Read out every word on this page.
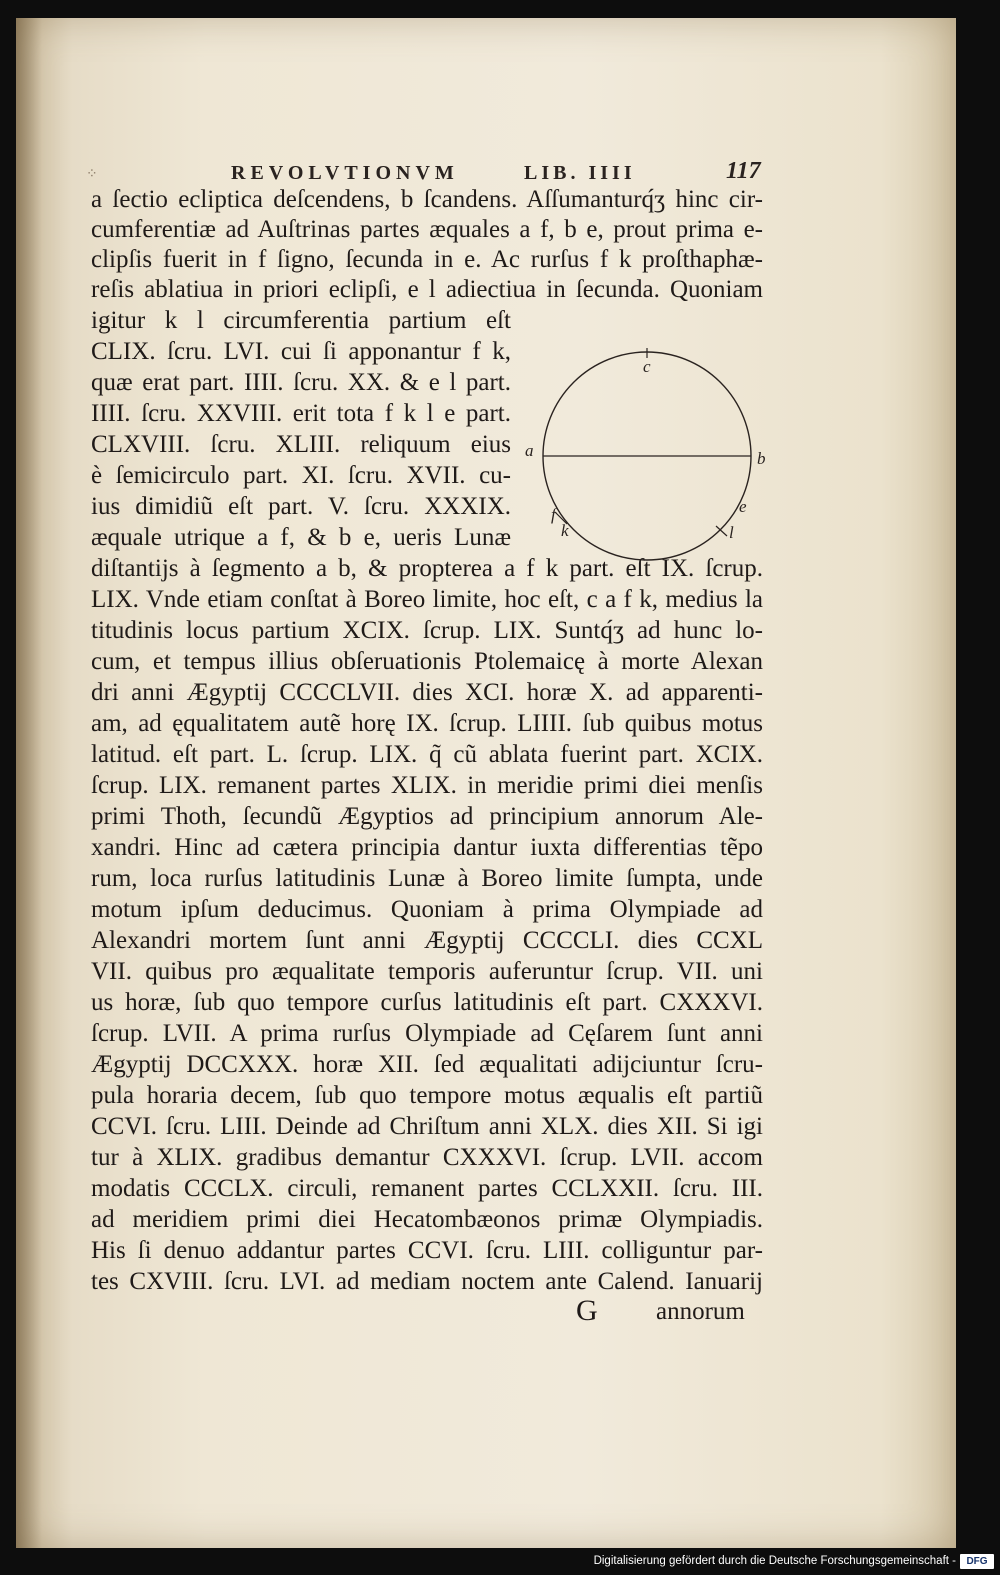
⁘	REVOLVTIONVM	LIB. IIII	117
a ſectio ecliptica deſcendens, b ſcandens. Aſſumanturq́ʒ hinc cir-
cumferentiæ ad Auſtrinas partes æquales a f, b e, prout prima e-
clipſis fuerit in f ſigno, ſecunda in e. Ac rurſus f k proſthaphæ-
reſis ablatiua in priori eclipſi, e l adiectiua in ſecunda. Quoniam
igitur k l circumferentia partium eſt
CLIX. ſcru. LVI. cui ſi apponantur f k,
quæ erat part. IIII. ſcru. XX. & e l part.
IIII. ſcru. XXVIII. erit tota f k l e part.
CLXVIII. ſcru. XLIII. reliquum eius
è ſemicirculo part. XI. ſcru. XVII. cu-
ius dimidiũ eſt part. V. ſcru. XXXIX.
æquale utrique a f, & b e, ueris Lunæ
diſtantijs à ſegmento a b, & propterea a f k part. eſt IX. ſcrup.
LIX. Vnde etiam conſtat à Boreo limite, hoc eſt, c a f k, medius la
titudinis locus partium XCIX. ſcrup. LIX. Suntq́ʒ ad hunc lo-
cum, et tempus illius obſeruationis Ptolemaicę à morte Alexan
dri anni Ægyptij CCCCLVII. dies XCI. horæ X. ad apparenti-
am, ad ęqualitatem autẽ horę IX. ſcrup. LIIII. ſub quibus motus
latitud. eſt part. L. ſcrup. LIX. q̃ cũ ablata fuerint part. XCIX.
ſcrup. LIX. remanent partes XLIX. in meridie primi diei menſis
primi Thoth, ſecundũ Ægyptios ad principium annorum Ale-
xandri. Hinc ad cætera principia dantur iuxta differentias tẽpo
rum, loca rurſus latitudinis Lunæ à Boreo limite ſumpta, unde
motum ipſum deducimus. Quoniam à prima Olympiade ad
Alexandri mortem ſunt anni Ægyptij CCCCLI. dies CCXL
VII. quibus pro æqualitate temporis auferuntur ſcrup. VII. uni
us horæ, ſub quo tempore curſus latitudinis eſt part. CXXXVI.
ſcrup. LVII. A prima rurſus Olympiade ad Cęſarem ſunt anni
Ægyptij DCCXXX. horæ XII. ſed æqualitati adijciuntur ſcru-
pula horaria decem, ſub quo tempore motus æqualis eſt partiũ
CCVI. ſcru. LIII. Deinde ad Chriſtum anni XLX. dies XII. Si igi
tur à XLIX. gradibus demantur CXXXVI. ſcrup. LVII. accom
modatis CCCLX. circuli, remanent partes CCLXXII. ſcru. III.
ad meridiem primi diei Hecatombæonos primæ Olympiadis.
His ſi denuo addantur partes CCVI. ſcru. LIII. colliguntur par-
tes CXVIII. ſcru. LVI. ad mediam noctem ante Calend. Ianuarij
c
a	b
e
f
k	l
G annorum
Digitalisierung gefördert durch die Deutsche Forschungsgemeinschaft -	DFG
